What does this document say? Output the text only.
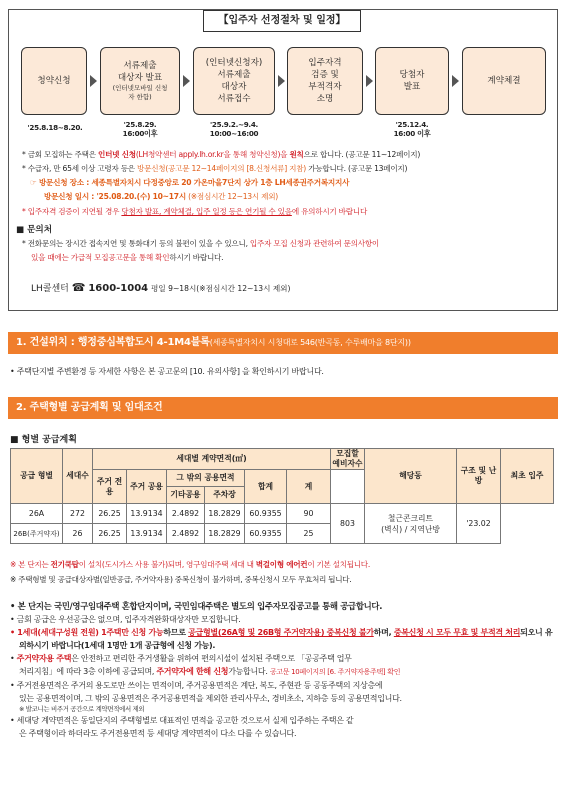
【입주자 선정절차 및 일정】
청약신청
서류제출
대상자 발표
(인터넷모바일 신청자 한함)
(인터넷신청자)
서류제출
대상자
서류접수
입주자격
검증 및
부적격자
소명
당첨자
발표
계약체결
'25.8.18~8.20.	'25.8.29.
16:00이후
'25.9.2.~9.4.
10:00~16:00
'25.12.4.
16:00 이후
* 금회 모집하는 주택은 인터넷 신청(LH청약센터 apply.lh.or.kr을 통해 청약신청)을 원칙으로 합니다. (공고문 11~12페이지)
* 수급자, 만 65세 이상 고령자 등은 방문신청(공고문 12~14페이지의 [8.신청서류] 지참) 가능합니다. (공고문 13페이지)
☞ 방문신청 장소 : 세종특별자치시 다정중앙로 20 가온마을7단지 상가 1층 LH세종권주거복지지사
방문신청 일시 : '25.08.20.(수) 10~17시 (※점심시간 12~13시 제외)
* 입주자격 검증이 지연될 경우 당첨자 발표, 계약체결, 입주 일정 등은 연기될 수 있음에 유의하시기 바랍니다
■ 문의처
* 전화문의는 장시간 접속지연 및 통화대기 등의 불편이 있을 수 있으니, 입주자 모집 신청과 관련하여 문의사항이
있을 때에는 가급적 모집공고문을 통해 확인하시기 바랍니다.
LH콜센터 ☎ 1600-1004 평일 9~18시(※점심시간 12~13시 제외)
1. 건설위치 : 행정중심복합도시 4-1M4블록(세종특별자치시 시청대로 546(반곡동, 수루배마을 8단지))
• 주택단지별 주변환경 등 자세한 사항은 본 공고문의 [10. 유의사항] 을 확인하시기 바랍니다.
2. 주택형별 공급계획 및 임대조건
■ 형별 공급계획
공급 형별	세대수	세대별 계약면적(㎡)						모집할 예비자수	해당동	구조 및 난방	최초 입주
		주거 전용	주거 공용	그 밖의 공용면적		합계	계				
				기타공용	주차장						
26A	272	26.25	13.9134	2.4892	18.2829	60.9355	90	803	철근콘크리트
(벽식) / 지역난방	'23.02	
26B(주거약자)	26	26.25	13.9134	2.4892	18.2829	60.9355	25				
※ 본 단지는 전기쿡탑이 설치(도시가스 사용 불가)되며, 영구임대주택 세대 내 벽걸이형 에어컨이 기본 설치됩니다.
※ 주택형별 및 공급대상자별(일반공급, 주거약자용) 중복신청이 불가하며, 중복신청시 모두 무효처리 됩니다.
• 본 단지는 국민/영구임대주택 혼합단지이며, 국민임대주택은 별도의 입주자모집공고를 통해 공급합니다.
• 금회 공급은 우선공급은 없으며, 입주자격완화대상자만 모집합니다.
• 1세대(세대구성원 전원) 1주택만 신청 가능하므로 공급형별(26A형 및 26B형 주거약자용) 중복신청 불가하며, 중복신청 시 모두 무효 및 부적격 처리되오니 유의하시기 바랍니다(1세대 1명만 1개 공급형에 신청 가능).
• 주거약자용 주택은 안전하고 편리한 주거생활을 위하여 편의시설이 설치된 주택으로 「공공주택 업무
처리지침」에 따라 3층 이하에 공급되며, 주거약자에 한해 신청가능합니다. 공고문 10페이지의 [6. 주거약자용주택] 확인
• 주거전용면적은 주거의 용도로만 쓰이는 면적이며, 주거공용면적은 계단, 복도, 주현관 등 공동주택의 지상층에
있는 공용면적이며, 그 밖의 공용면적은 주거공용면적을 제외한 관리사무소, 경비초소, 지하층 등의 공용면적입니다.
※ 발코니는 비주거 공간으로 계약면적에서 제외
• 세대당 계약면적은 동일단지의 주택형별로 대표적인 면적을 공고한 것으로서 실제 입주하는 주택은 같
은 주택형이라 하더라도 주거전용면적 등 세대당 계약면적이 다소 다를 수 있습니다.
